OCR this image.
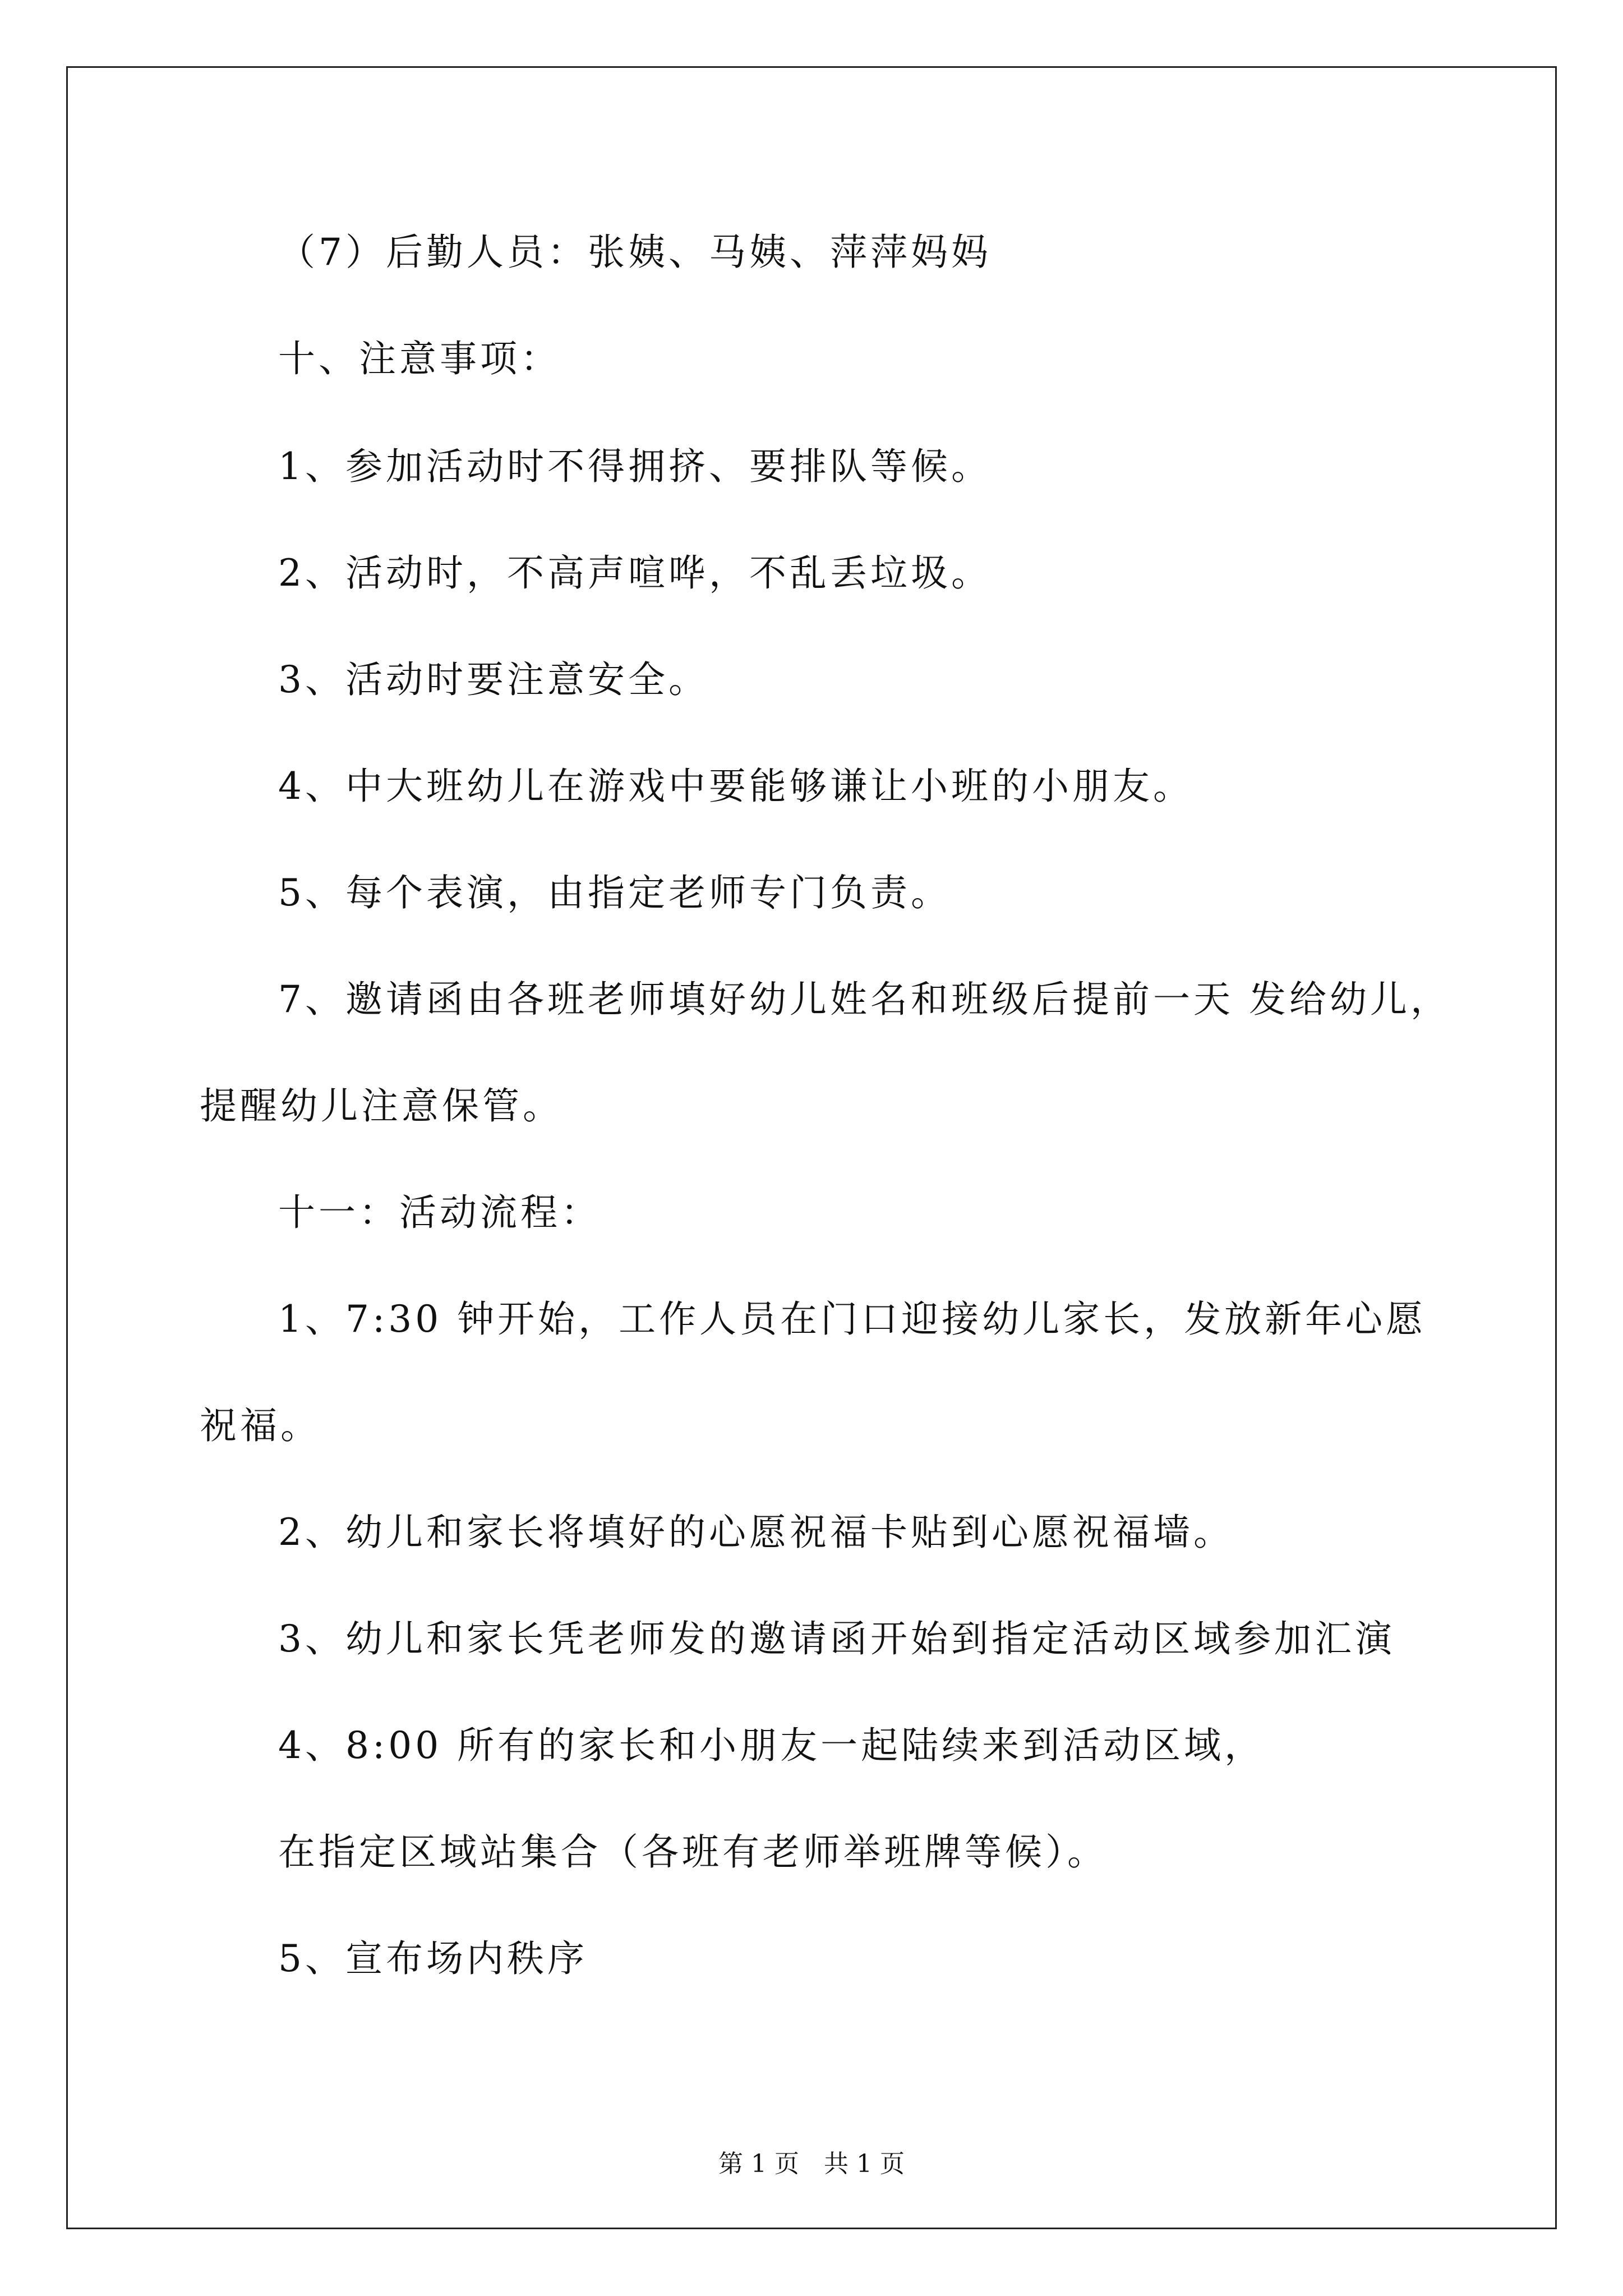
（7）后勤人员：张姨、马姨、萍萍妈妈
十、注意事项：
1、参加活动时不得拥挤、要排队等候。
2、活动时，不高声喧哗，不乱丢垃圾。
3、活动时要注意安全。
4、中大班幼儿在游戏中要能够谦让小班的小朋友。
5、每个表演，由指定老师专门负责。
7、邀请函由各班老师填好幼儿姓名和班级后提前一天 发给幼儿，
提醒幼儿注意保管。
十一：活动流程：
1、7:30 钟开始，工作人员在门口迎接幼儿家长，发放新年心愿
祝福。
2、幼儿和家长将填好的心愿祝福卡贴到心愿祝福墙。
3、幼儿和家长凭老师发的邀请函开始到指定活动区域参加汇演
4、8:00 所有的家长和小朋友一起陆续来到活动区域，
在指定区域站集合（各班有老师举班牌等候）。
5、宣布场内秩序
第 1 页　共 1 页
